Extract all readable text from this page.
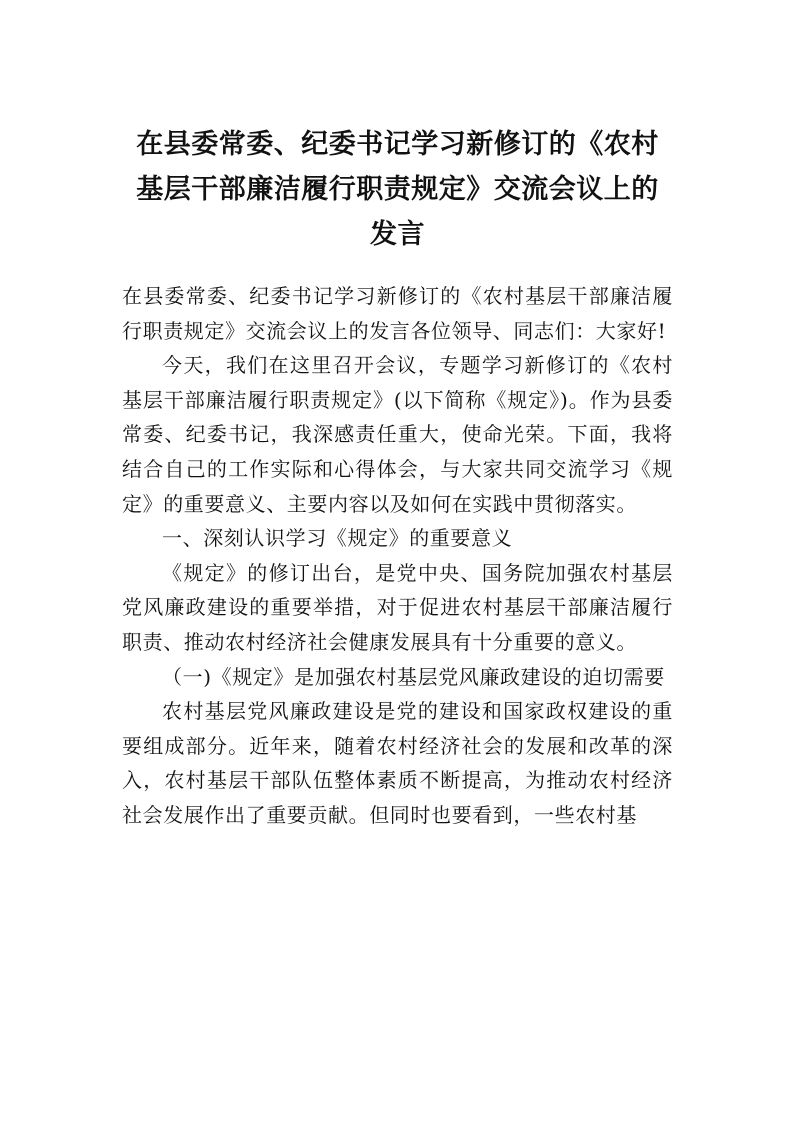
在县委常委、纪委书记学习新修订的《农村
基层干部廉洁履行职责规定》交流会议上的
发言

在县委常委、纪委书记学习新修订的《农村基层干部廉洁履行职责规定》交流会议上的发言各位领导、同志们：大家好!

今天，我们在这里召开会议，专题学习新修订的《农村基层干部廉洁履行职责规定》(以下简称《规定》)。作为县委常委、纪委书记，我深感责任重大，使命光荣。下面，我将结合自己的工作实际和心得体会，与大家共同交流学习《规定》的重要意义、主要内容以及如何在实践中贯彻落实。

一、深刻认识学习《规定》的重要意义

《规定》的修订出台，是党中央、国务院加强农村基层党风廉政建设的重要举措，对于促进农村基层干部廉洁履行职责、推动农村经济社会健康发展具有十分重要的意义。

（一)《规定》是加强农村基层党风廉政建设的迫切需要

农村基层党风廉政建设是党的建设和国家政权建设的重要组成部分。近年来，随着农村经济社会的发展和改革的深入，农村基层干部队伍整体素质不断提高，为推动农村经济社会发展作出了重要贡献。但同时也要看到，一些农村基
